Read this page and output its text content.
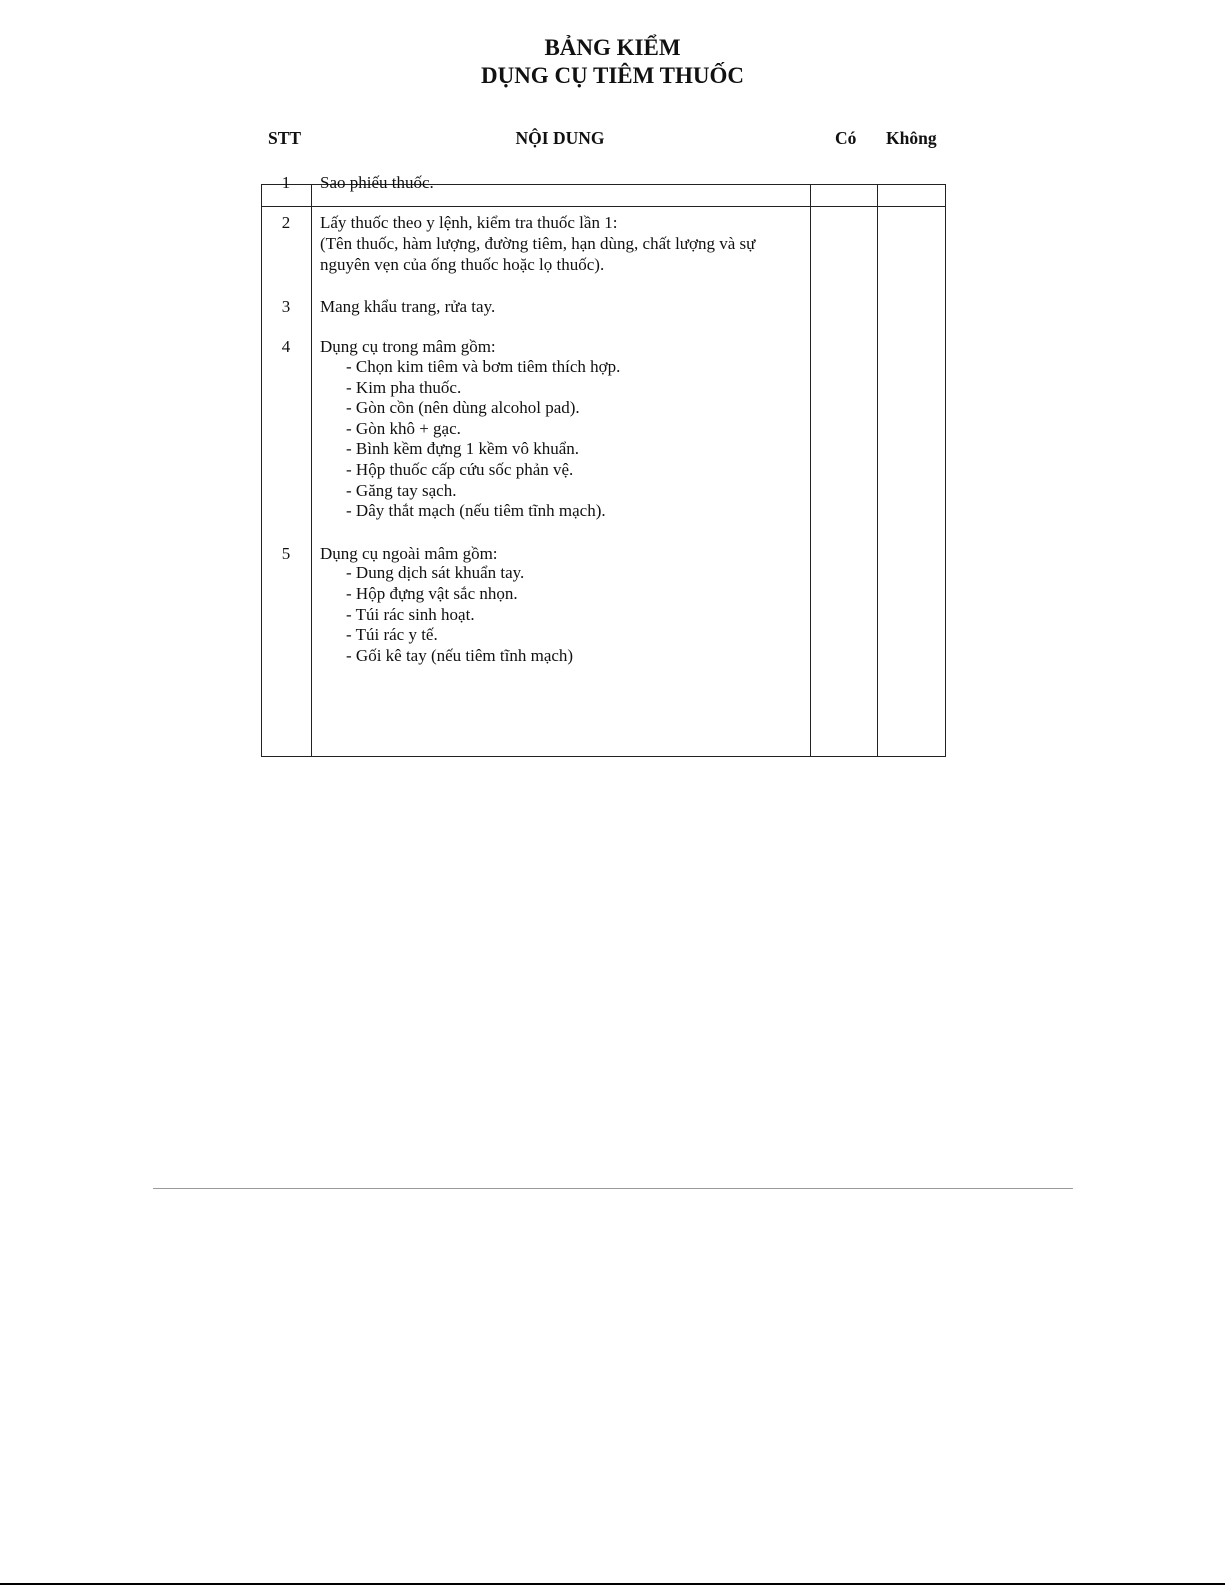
BẢNG KIỂM
DỤNG CỤ TIÊM THUỐC
STT	NỘI DUNG	Có Không
1	Sao phiếu thuốc.
2	Lấy thuốc theo y lệnh, kiểm tra thuốc lần 1:
(Tên thuốc, hàm lượng, đường tiêm, hạn dùng, chất lượng và sự
nguyên vẹn của ống thuốc hoặc lọ thuốc).
3	Mang khẩu trang, rửa tay.
4	Dụng cụ trong mâm gồm:
- Chọn kim tiêm và bơm tiêm thích hợp.
- Kim pha thuốc.
- Gòn cồn (nên dùng alcohol pad).
- Gòn khô + gạc.
- Bình kềm đựng 1 kềm vô khuẩn.
- Hộp thuốc cấp cứu sốc phản vệ.
- Găng tay sạch.
- Dây thắt mạch (nếu tiêm tĩnh mạch).
5	Dụng cụ ngoài mâm gồm:
- Dung dịch sát khuẩn tay.
- Hộp đựng vật sắc nhọn.
- Túi rác sinh hoạt.
- Túi rác y tế.
- Gối kê tay (nếu tiêm tĩnh mạch)
